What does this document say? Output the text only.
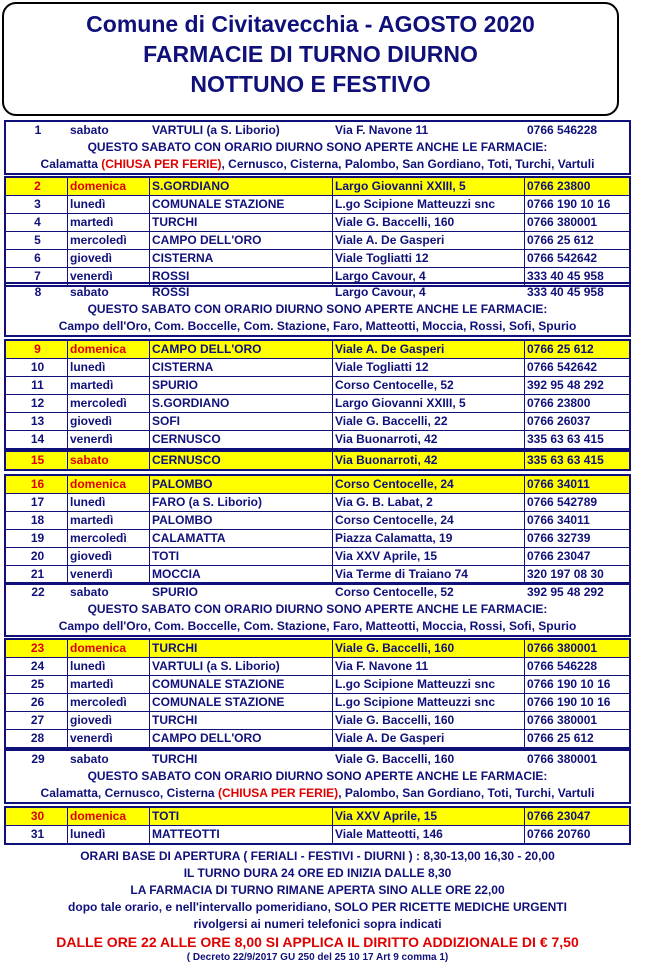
Comune di Civitavecchia - AGOSTO 2020
FARMACIE DI TURNO DIURNO
NOTTUNO E FESTIVO
1	sabato	VARTULI (a S. Liborio)	Via F. Navone 11	0766 546228
QUESTO SABATO CON ORARIO DIURNO SONO APERTE ANCHE LE FARMACIE:
Calamatta (CHIUSA PER FERIE), Cernusco, Cisterna, Palombo, San Gordiano, Toti, Turchi, Vartuli
2	domenica	S.GORDIANO	Largo Giovanni XXIII, 5	0766 23800
3	lunedì	COMUNALE STAZIONE	L.go Scipione Matteuzzi snc	0766 190 10 16
4	martedì	TURCHI	Viale G. Baccelli, 160	0766 380001
5	mercoledì	CAMPO DELL'ORO	Viale A. De Gasperi	0766 25 612
6	giovedì	CISTERNA	Viale Togliatti 12	0766 542642
7	venerdì	ROSSI	Largo Cavour, 4	333 40 45 958
8	sabato	ROSSI	Largo Cavour, 4	333 40 45 958
QUESTO SABATO CON ORARIO DIURNO SONO APERTE ANCHE LE FARMACIE:
Campo dell'Oro, Com. Boccelle, Com. Stazione, Faro, Matteotti, Moccia, Rossi, Sofi, Spurio
9	domenica	CAMPO DELL'ORO	Viale A. De Gasperi	0766 25 612
10	lunedì	CISTERNA	Viale Togliatti 12	0766 542642
11	martedì	SPURIO	Corso Centocelle, 52	392 95 48 292
12	mercoledì	S.GORDIANO	Largo Giovanni XXIII, 5	0766 23800
13	giovedì	SOFI	Viale G. Baccelli, 22	0766 26037
14	venerdì	CERNUSCO	Via Buonarroti, 42	335 63 63 415
15	sabato	CERNUSCO	Via Buonarroti, 42	335 63 63 415
16	domenica	PALOMBO	Corso Centocelle, 24	0766 34011
17	lunedì	FARO (a S. Liborio)	Via G. B. Labat, 2	0766 542789
18	martedì	PALOMBO	Corso Centocelle, 24	0766 34011
19	mercoledì	CALAMATTA	Piazza Calamatta, 19	0766 32739
20	giovedì	TOTI	Via XXV Aprile, 15	0766 23047
21	venerdì	MOCCIA	Via Terme di Traiano 74	320 197 08 30
22	sabato	SPURIO	Corso Centocelle, 52	392 95 48 292
QUESTO SABATO CON ORARIO DIURNO SONO APERTE ANCHE LE FARMACIE:
Campo dell'Oro, Com. Boccelle, Com. Stazione, Faro, Matteotti, Moccia, Rossi, Sofi, Spurio
23	domenica	TURCHI	Viale G. Baccelli, 160	0766 380001
24	lunedì	VARTULI (a S. Liborio)	Via F. Navone 11	0766 546228
25	martedì	COMUNALE STAZIONE	L.go Scipione Matteuzzi snc	0766 190 10 16
26	mercoledì	COMUNALE STAZIONE	L.go Scipione Matteuzzi snc	0766 190 10 16
27	giovedì	TURCHI	Viale G. Baccelli, 160	0766 380001
28	venerdì	CAMPO DELL'ORO	Viale A. De Gasperi	0766 25 612
29	sabato	TURCHI	Viale G. Baccelli, 160	0766 380001
QUESTO SABATO CON ORARIO DIURNO SONO APERTE ANCHE LE FARMACIE:
Calamatta, Cernusco, Cisterna (CHIUSA PER FERIE), Palombo, San Gordiano, Toti, Turchi, Vartuli
30	domenica	TOTI	Via XXV Aprile, 15	0766 23047
31	lunedì	MATTEOTTI	Viale Matteotti, 146	0766 20760
ORARI BASE DI APERTURA ( FERIALI - FESTIVI - DIURNI ) : 8,30-13,00 16,30 - 20,00
IL TURNO DURA 24 ORE ED INIZIA DALLE 8,30
LA FARMACIA DI TURNO RIMANE APERTA SINO ALLE ORE 22,00
dopo tale orario, e nell'intervallo pomeridiano, SOLO PER RICETTE MEDICHE URGENTI
rivolgersi ai numeri telefonici sopra indicati
DALLE ORE 22 ALLE ORE 8,00 SI APPLICA IL DIRITTO ADDIZIONALE DI € 7,50
( Decreto 22/9/2017 GU 250 del 25 10 17 Art 9 comma 1)
